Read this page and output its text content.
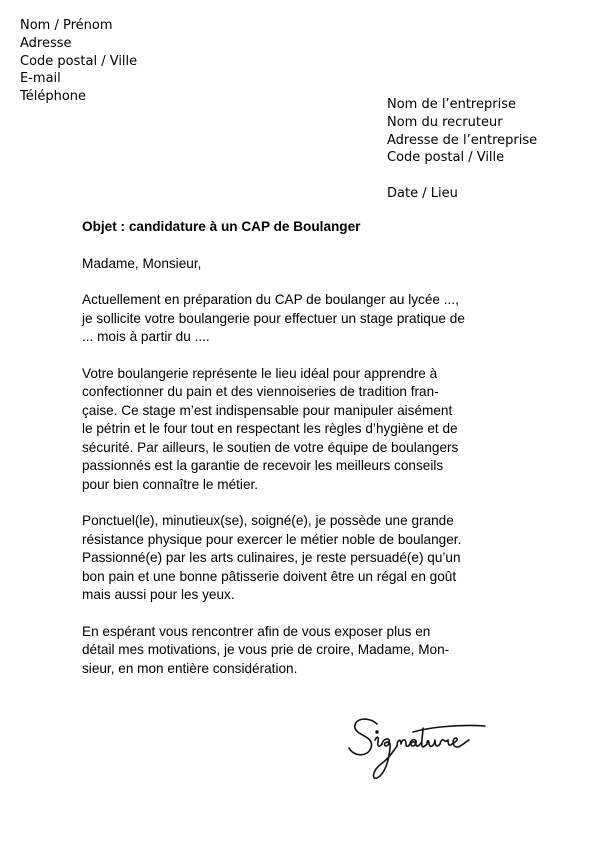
Nom / Prénom
Adresse
Code postal / Ville
E-mail
Téléphone
Nom de l’entreprise
Nom du recruteur
Adresse de l’entreprise
Code postal / Ville
Date / Lieu
Objet : candidature à un CAP de Boulanger
Madame, Monsieur,
Actuellement en préparation du CAP de boulanger au lycée ...,
je sollicite votre boulangerie pour effectuer un stage pratique de
... mois à partir du ....
Votre boulangerie représente le lieu idéal pour apprendre à
confectionner du pain et des viennoiseries de tradition fran-
çaise. Ce stage m’est indispensable pour manipuler aisément
le pétrin et le four tout en respectant les règles d’hygiène et de
sécurité. Par ailleurs, le soutien de votre équipe de boulangers
passionnés est la garantie de recevoir les meilleurs conseils
pour bien connaître le métier.
Ponctuel(le), minutieux(se), soigné(e), je possède une grande
résistance physique pour exercer le métier noble de boulanger.
Passionné(e) par les arts culinaires, je reste persuadé(e) qu’un
bon pain et une bonne pâtisserie doivent être un régal en goût
mais aussi pour les yeux.
En espérant vous rencontrer afin de vous exposer plus en
détail mes motivations, je vous prie de croire, Madame, Mon-
sieur, en mon entière considération.
